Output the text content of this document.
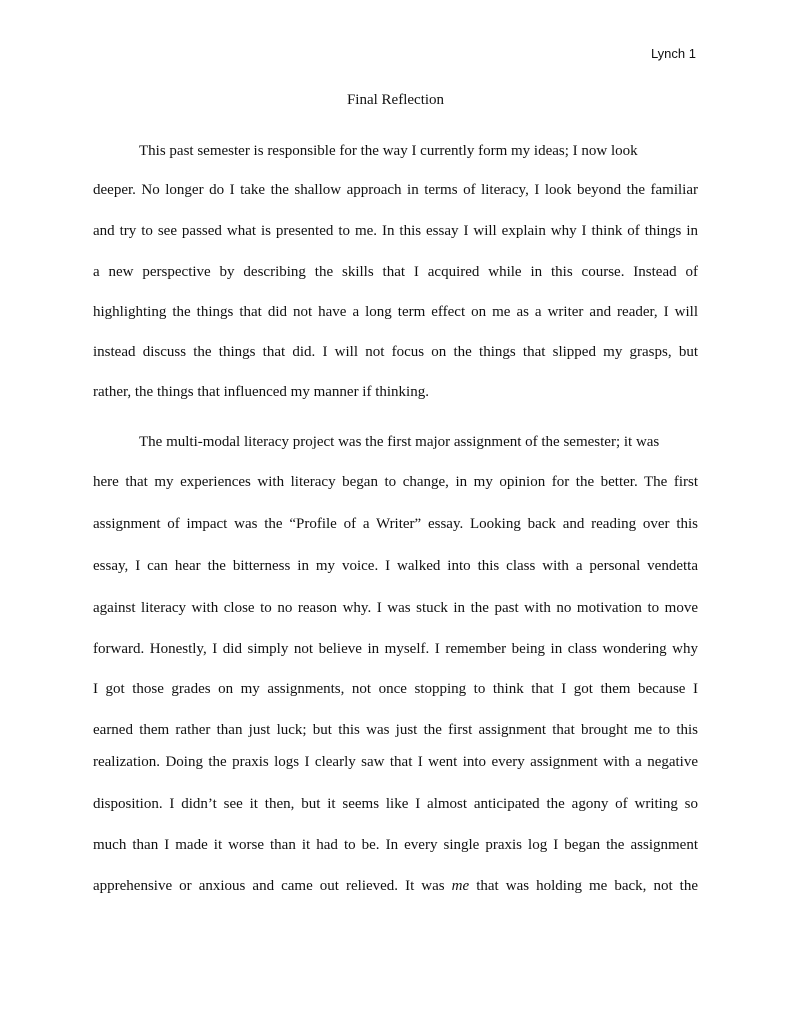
Lynch 1
Final Reflection
This past semester is responsible for the way I currently form my ideas; I now look
deeper. No longer do I take the shallow approach in terms of literacy, I look beyond the familiar
and try to see passed what is presented to me. In this essay I will explain why I think of things in
a new perspective by describing the skills that I acquired while in this course. Instead of
highlighting the things that did not have a long term effect on me as a writer and reader, I will
instead discuss the things that did. I will not focus on the things that slipped my grasps, but
rather, the things that influenced my manner if thinking.
The multi-modal literacy project was the first major assignment of the semester; it was
here that my experiences with literacy began to change, in my opinion for the better. The first
assignment of impact was the “Profile of a Writer” essay. Looking back and reading over this
essay, I can hear the bitterness in my voice. I walked into this class with a personal vendetta
against literacy with close to no reason why. I was stuck in the past with no motivation to move
forward. Honestly, I did simply not believe in myself. I remember being in class wondering why
I got those grades on my assignments, not once stopping to think that I got them because I
earned them rather than just luck; but this was just the first assignment that brought me to this
realization. Doing the praxis logs I clearly saw that I went into every assignment with a negative
disposition. I didn’t see it then, but it seems like I almost anticipated the agony of writing so
much than I made it worse than it had to be. In every single praxis log I began the assignment
apprehensive or anxious and came out relieved. It was me that was holding me back, not the
